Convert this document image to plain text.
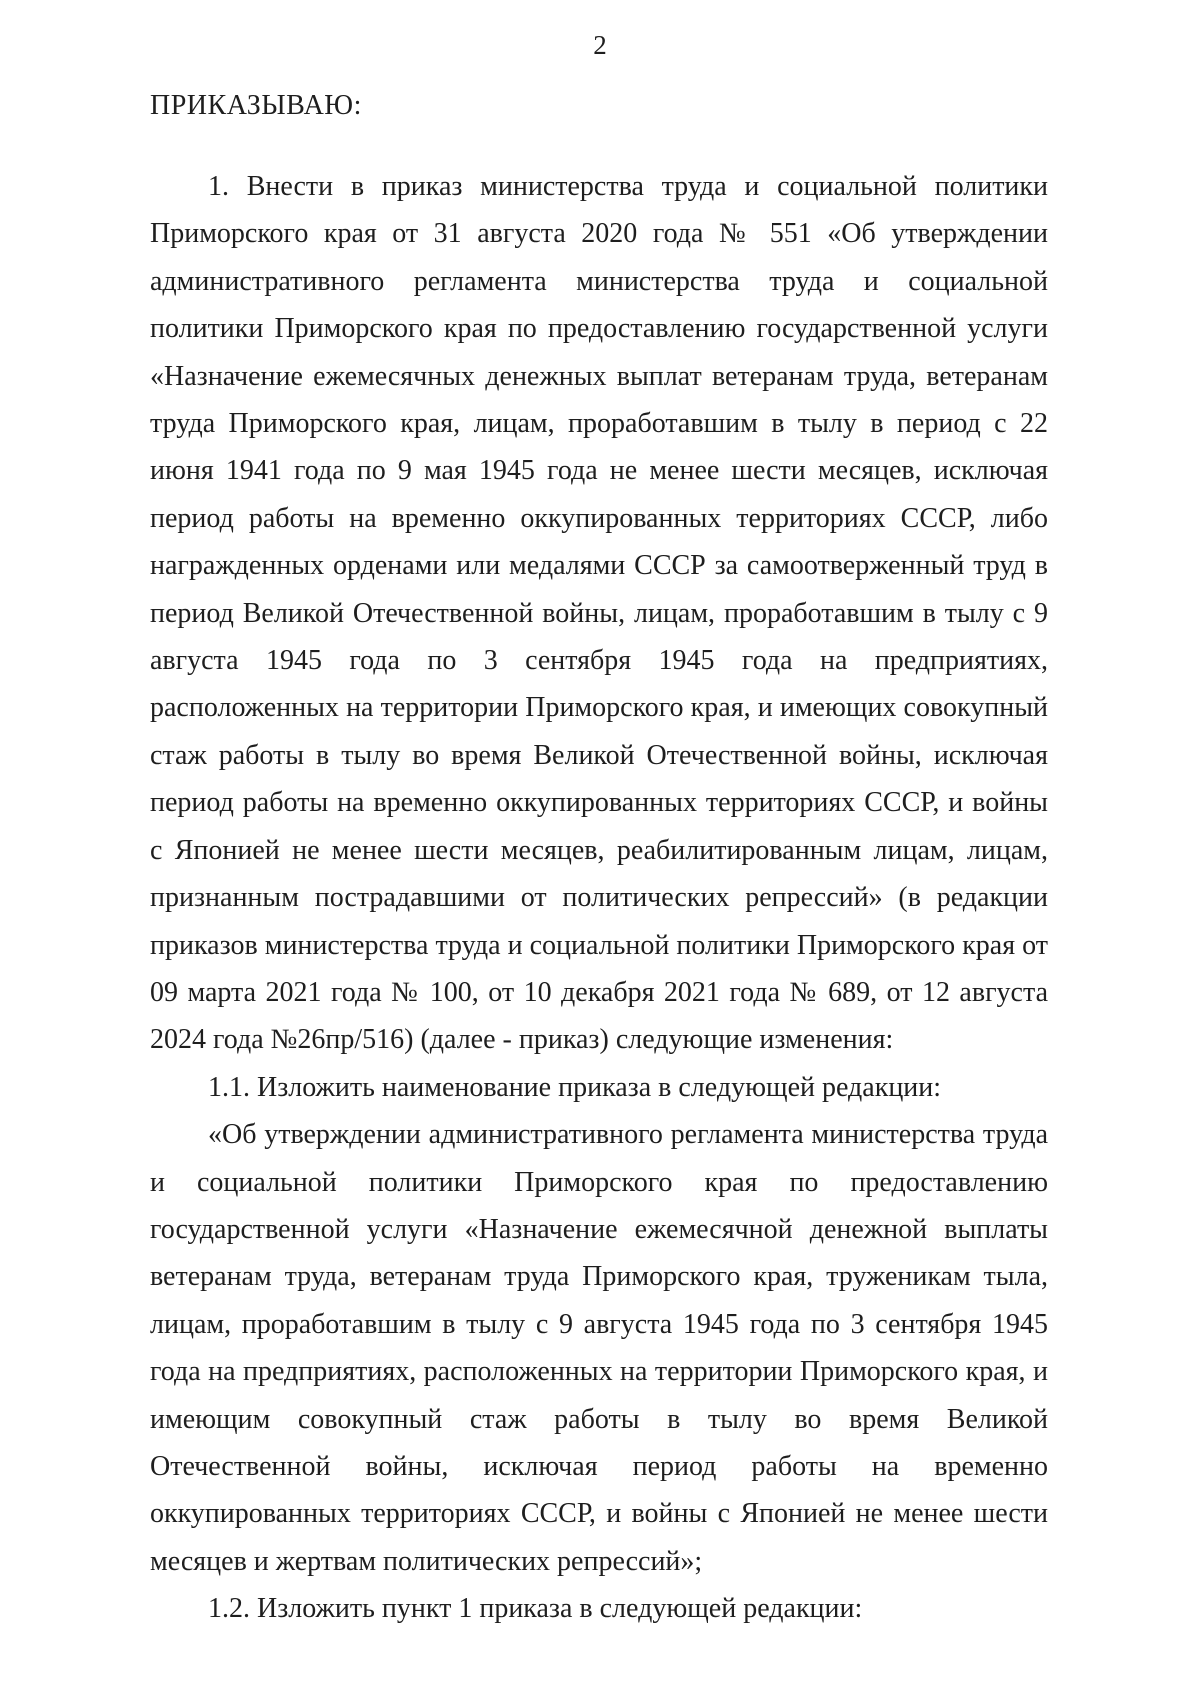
2
ПРИКАЗЫВАЮ:

1. Внести в приказ министерства труда и социальной политики Приморского края от 31 августа 2020 года № 551 «Об утверждении административного регламента министерства труда и социальной политики Приморского края по предоставлению государственной услуги «Назначение ежемесячных денежных выплат ветеранам труда, ветеранам труда Приморского края, лицам, проработавшим в тылу в период с 22 июня 1941 года по 9 мая 1945 года не менее шести месяцев, исключая период работы на временно оккупированных территориях СССР, либо награжденных орденами или медалями СССР за самоотверженный труд в период Великой Отечественной войны, лицам, проработавшим в тылу с 9 августа 1945 года по 3 сентября 1945 года на предприятиях, расположенных на территории Приморского края, и имеющих совокупный стаж работы в тылу во время Великой Отечественной войны, исключая период работы на временно оккупированных территориях СССР, и войны с Японией не менее шести месяцев, реабилитированным лицам, лицам, признанным пострадавшими от политических репрессий» (в редакции приказов министерства труда и социальной политики Приморского края от 09 марта 2021 года № 100, от 10 декабря 2021 года № 689, от 12 августа 2024 года №26пр/516) (далее - приказ) следующие изменения:

1.1. Изложить наименование приказа в следующей редакции:

«Об утверждении административного регламента министерства труда и социальной политики Приморского края по предоставлению государственной услуги «Назначение ежемесячной денежной выплаты ветеранам труда, ветеранам труда Приморского края, труженикам тыла, лицам, проработавшим в тылу с 9 августа 1945 года по 3 сентября 1945 года на предприятиях, расположенных на территории Приморского края, и имеющим совокупный стаж работы в тылу во время Великой Отечественной войны, исключая период работы на временно оккупированных территориях СССР, и войны с Японией не менее шести месяцев и жертвам политических репрессий»;

1.2. Изложить пункт 1 приказа в следующей редакции:
